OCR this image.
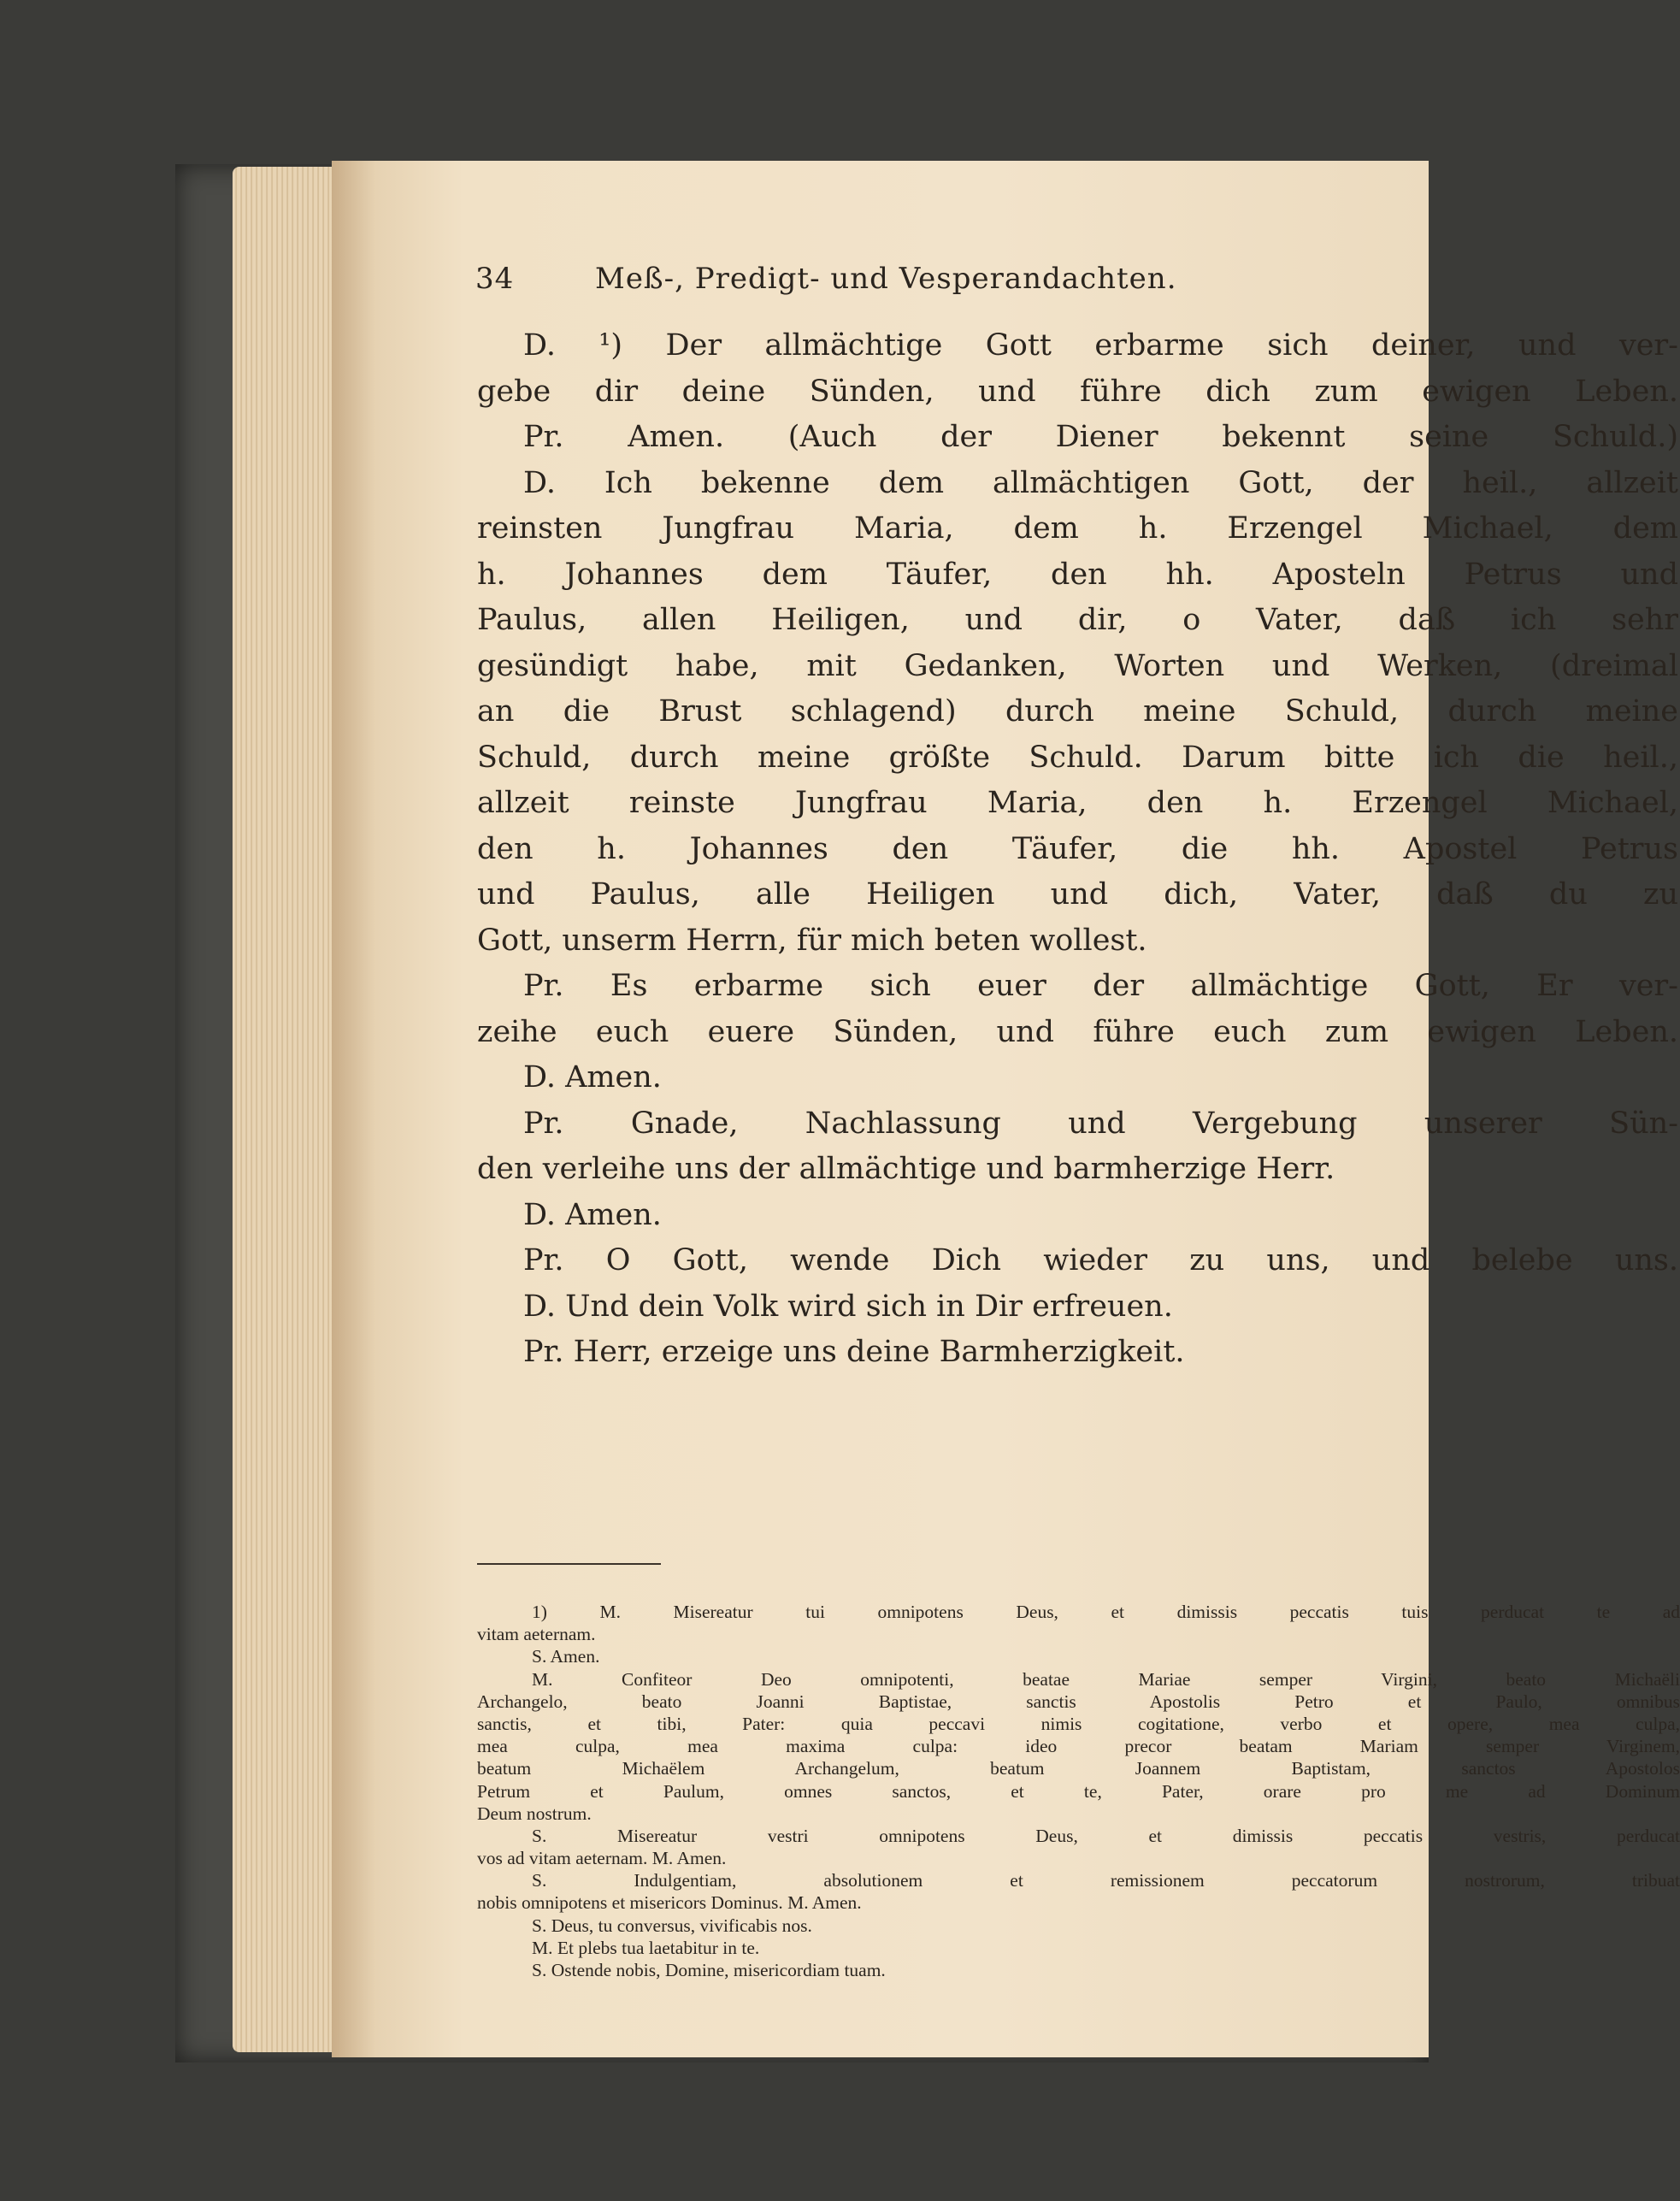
34	Meß-, Predigt- und Vesperandachten.
D. ¹) Der allmächtige Gott erbarme sich deiner, und ver-
gebe dir deine Sünden, und führe dich zum ewigen Leben.
Pr. Amen. (Auch der Diener bekennt seine Schuld.)
D. Ich bekenne dem allmächtigen Gott, der heil., allzeit
reinsten Jungfrau Maria, dem h. Erzengel Michael, dem
h. Johannes dem Täufer, den hh. Aposteln Petrus und
Paulus, allen Heiligen, und dir, o Vater, daß ich sehr
gesündigt habe, mit Gedanken, Worten und Werken, (dreimal
an die Brust schlagend) durch meine Schuld, durch meine
Schuld, durch meine größte Schuld. Darum bitte ich die heil.,
allzeit reinste Jungfrau Maria, den h. Erzengel Michael,
den h. Johannes den Täufer, die hh. Apostel Petrus
und Paulus, alle Heiligen und dich, Vater, daß du zu
Gott, unserm Herrn, für mich beten wollest.
Pr. Es erbarme sich euer der allmächtige Gott, Er ver-
zeihe euch euere Sünden, und führe euch zum ewigen Leben.
D. Amen.
Pr. Gnade, Nachlassung und Vergebung unserer Sün-
den verleihe uns der allmächtige und barmherzige Herr.
D. Amen.
Pr. O Gott, wende Dich wieder zu uns, und belebe uns.
D. Und dein Volk wird sich in Dir erfreuen.
Pr. Herr, erzeige uns deine Barmherzigkeit.
1) M. Misereatur tui omnipotens Deus, et dimissis peccatis tuis perducat te ad
vitam aeternam.
S. Amen.
M. Confiteor Deo omnipotenti, beatae Mariae semper Virgini, beato Michaëli
Archangelo, beato Joanni Baptistae, sanctis Apostolis Petro et Paulo, omnibus
sanctis, et tibi, Pater: quia peccavi nimis cogitatione, verbo et opere, mea culpa,
mea culpa, mea maxima culpa: ideo precor beatam Mariam semper Virginem,
beatum Michaëlem Archangelum, beatum Joannem Baptistam, sanctos Apostolos
Petrum et Paulum, omnes sanctos, et te, Pater, orare pro me ad Dominum
Deum nostrum.
S. Misereatur vestri omnipotens Deus, et dimissis peccatis vestris, perducat
vos ad vitam aeternam. M. Amen.
S. Indulgentiam, absolutionem et remissionem peccatorum nostrorum, tribuat
nobis omnipotens et misericors Dominus. M. Amen.
S. Deus, tu conversus, vivificabis nos.
M. Et plebs tua laetabitur in te.
S. Ostende nobis, Domine, misericordiam tuam.
